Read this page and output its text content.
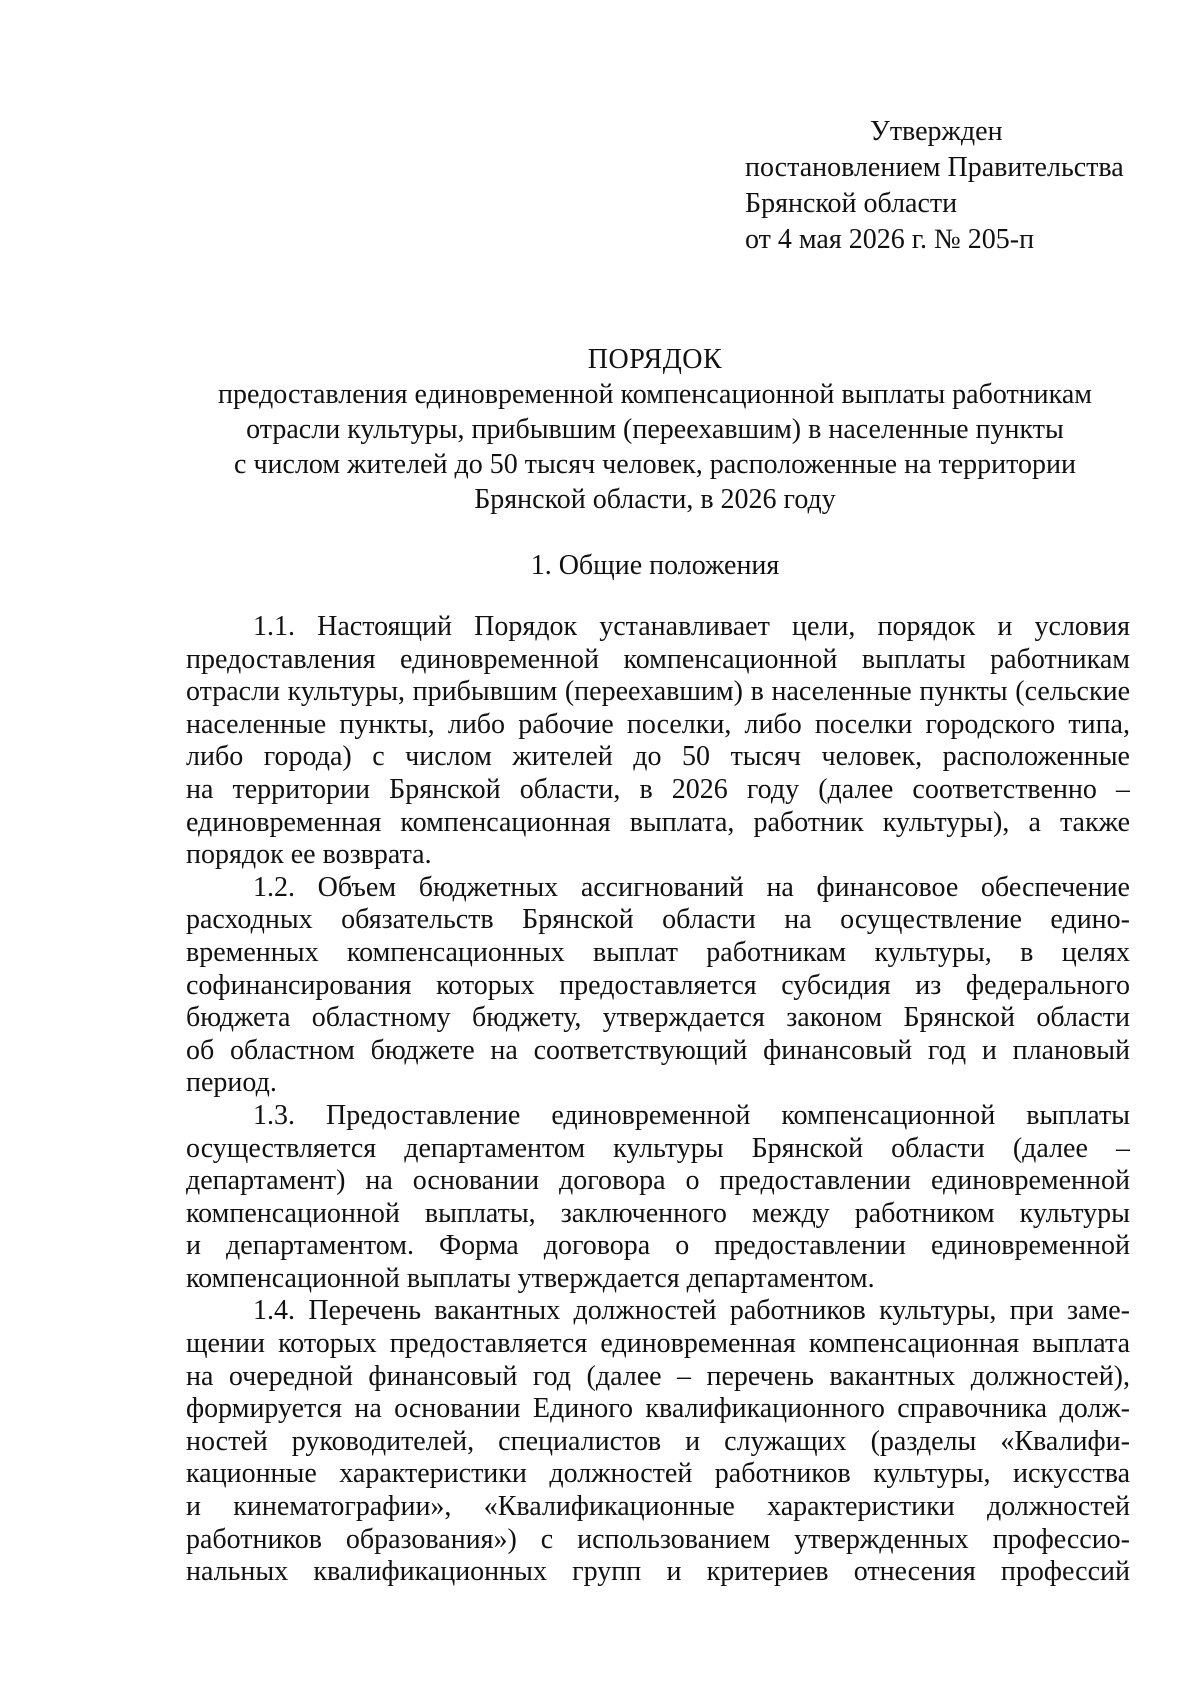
Утвержден
постановлением Правительства
Брянской области
от 4 мая 2026 г. № 205-п
ПОРЯДОК
предоставления единовременной компенсационной выплаты работникам
отрасли культуры, прибывшим (переехавшим) в населенные пункты
с числом жителей до 50 тысяч человек, расположенные на территории
Брянской области, в 2026 году
1. Общие положения
1.1. Настоящий Порядок устанавливает цели, порядок и условия
предоставления единовременной компенсационной выплаты работникам
отрасли культуры, прибывшим (переехавшим) в населенные пункты (сельские
населенные пункты, либо рабочие поселки, либо поселки городского типа,
либо города) с числом жителей до 50 тысяч человек, расположенные
на территории Брянской области, в 2026 году (далее соответственно –
единовременная компенсационная выплата, работник культуры), а также
порядок ее возврата.
1.2. Объем бюджетных ассигнований на финансовое обеспечение
расходных обязательств Брянской области на осуществление едино-
временных компенсационных выплат работникам культуры, в целях
софинансирования которых предоставляется субсидия из федерального
бюджета областному бюджету, утверждается законом Брянской области
об областном бюджете на соответствующий финансовый год и плановый
период.
1.3. Предоставление единовременной компенсационной выплаты
осуществляется департаментом культуры Брянской области (далее –
департамент) на основании договора о предоставлении единовременной
компенсационной выплаты, заключенного между работником культуры
и департаментом. Форма договора о предоставлении единовременной
компенсационной выплаты утверждается департаментом.
1.4. Перечень вакантных должностей работников культуры, при заме-
щении которых предоставляется единовременная компенсационная выплата
на очередной финансовый год (далее – перечень вакантных должностей),
формируется на основании Единого квалификационного справочника долж-
ностей руководителей, специалистов и служащих (разделы «Квалифи-
кационные характеристики должностей работников культуры, искусства
и кинематографии», «Квалификационные характеристики должностей
работников образования») с использованием утвержденных профессио-
нальных квалификационных групп и критериев отнесения профессий
